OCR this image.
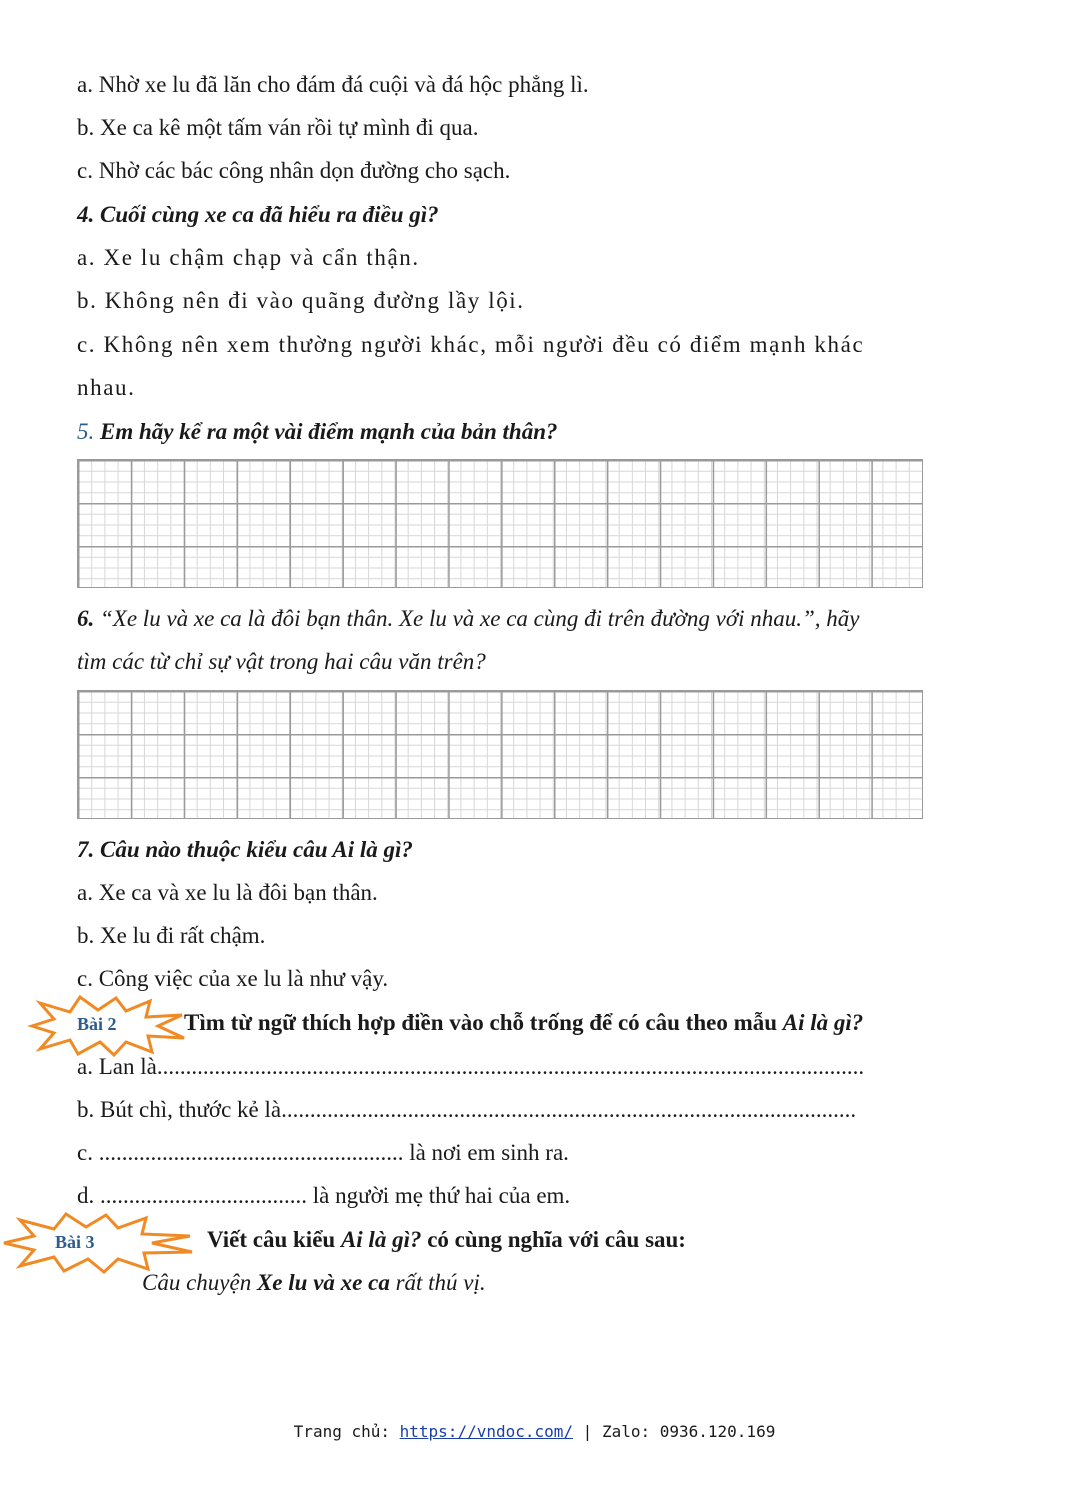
a. Nhờ xe lu đã lăn cho đám đá cuội và đá hộc phẳng lì.
b. Xe ca kê một tấm ván rồi tự mình đi qua.
c. Nhờ các bác công nhân dọn đường cho sạch.
4. Cuối cùng xe ca đã hiểu ra điều gì?
a. Xe lu chậm chạp và cẩn thận.
b. Không nên đi vào quãng đường lầy lội.
c. Không nên xem thường người khác, mỗi người đều có điểm mạnh khác
nhau.
5. Em hãy kể ra một vài điểm mạnh của bản thân?
6. “Xe lu và xe ca là đôi bạn thân. Xe lu và xe ca cùng đi trên đường với nhau.”, hãy
tìm các từ chỉ sự vật trong hai câu văn trên?
7. Câu nào thuộc kiểu câu Ai là gì?
a. Xe ca và xe lu là đôi bạn thân.
b. Xe lu đi rất chậm.
c. Công việc của xe lu là như vậy.
Bài 2	Tìm từ ngữ thích hợp điền vào chỗ trống để có câu theo mẫu Ai là gì?
a. Lan là...........................................................................................................................
b. Bút chì, thước kẻ là....................................................................................................
c. ..................................................... là nơi em sinh ra.
d. .................................... là người mẹ thứ hai của em.
Bài 3	Viết câu kiểu Ai là gì? có cùng nghĩa với câu sau:
Câu chuyện Xe lu và xe ca rất thú vị.
Trang chủ: https://vndoc.com/ | Zalo: 0936.120.169
